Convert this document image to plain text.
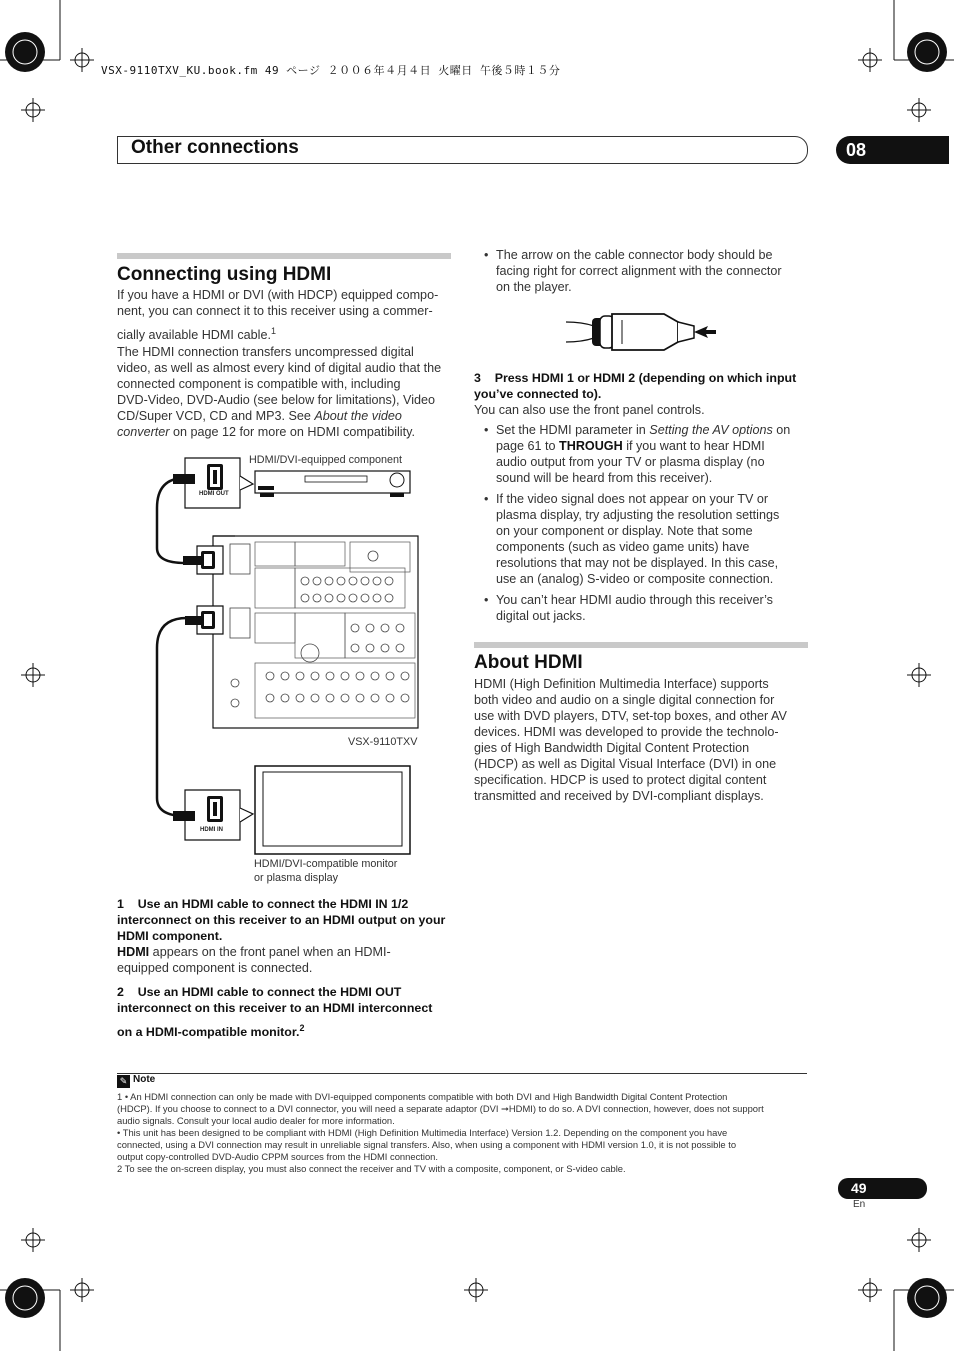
VSX-9110TXV_KU.book.fm 49 ページ ２００６年４月４日 火曜日 午後５時１５分
Other connections	08
Connecting using HDMI

If you have a HDMI or DVI (with HDCP) equipped compo-

nent, you can connect it to this receiver using a commer-

cially available HDMI cable.$^1$

The HDMI connection transfers uncompressed digital

video, as well as almost every kind of digital audio that the

connected component is compatible with, including

DVD-Video, DVD-Audio (see below for limitations), Video

CD/Super VCD, CD and MP3. See About the video

converter on page 12 for more on HDMI compatibility.

HDMI/DVI-equipped component
HDMI OUT
VSX-9110TXV
HDMI IN
HDMI/DVI-compatible monitor
or plasma display
1 Use an HDMI cable to connect the HDMI IN 1/2
interconnect on this receiver to an HDMI output on your
HDMI component.

HDMI appears on the front panel when an HDMI-

equipped component is connected.

2 Use an HDMI cable to connect the HDMI OUT
interconnect on this receiver to an HDMI interconnect
on a HDMI-compatible monitor.$^2$
• The arrow on the cable connector body should be
facing right for correct alignment with the connector
on the player.
3 Press HDMI 1 or HDMI 2 (depending on which input
you’ve connected to).

You can also use the front panel controls.

• Set the HDMI parameter in Setting the AV options on
page 61 to THROUGH if you want to hear HDMI
audio output from your TV or plasma display (no
sound will be heard from this receiver).
• If the video signal does not appear on your TV or
plasma display, try adjusting the resolution settings
on your component or display. Note that some
components (such as video game units) have
resolutions that may not be displayed. In this case,
use an (analog) S-video or composite connection.
• You can’t hear HDMI audio through this receiver’s
digital out jacks.
About HDMI

HDMI (High Definition Multimedia Interface) supports

both video and audio on a single digital connection for

use with DVD players, DTV, set-top boxes, and other AV

devices. HDMI was developed to provide the technolo-

gies of High Bandwidth Digital Content Protection

(HDCP) as well as Digital Visual Interface (DVI) in one

specification. HDCP is used to protect digital content

transmitted and received by DVI-compliant displays.

✎ Note
1 • An HDMI connection can only be made with DVI-equipped components compatible with both DVI and High Bandwidth Digital Content Protection
(HDCP). If you choose to connect to a DVI connector, you will need a separate adaptor (DVI ➞HDMI) to do so. A DVI connection, however, does not support
audio signals. Consult your local audio dealer for more information.
• This unit has been designed to be compliant with HDMI (High Definition Multimedia Interface) Version 1.2. Depending on the component you have
connected, using a DVI connection may result in unreliable signal transfers. Also, when using a component with HDMI version 1.0, it is not possible to
output copy-controlled DVD-Audio CPPM sources from the HDMI connection.
2 To see the on-screen display, you must also connect the receiver and TV with a composite, component, or S-video cable.
49
En
